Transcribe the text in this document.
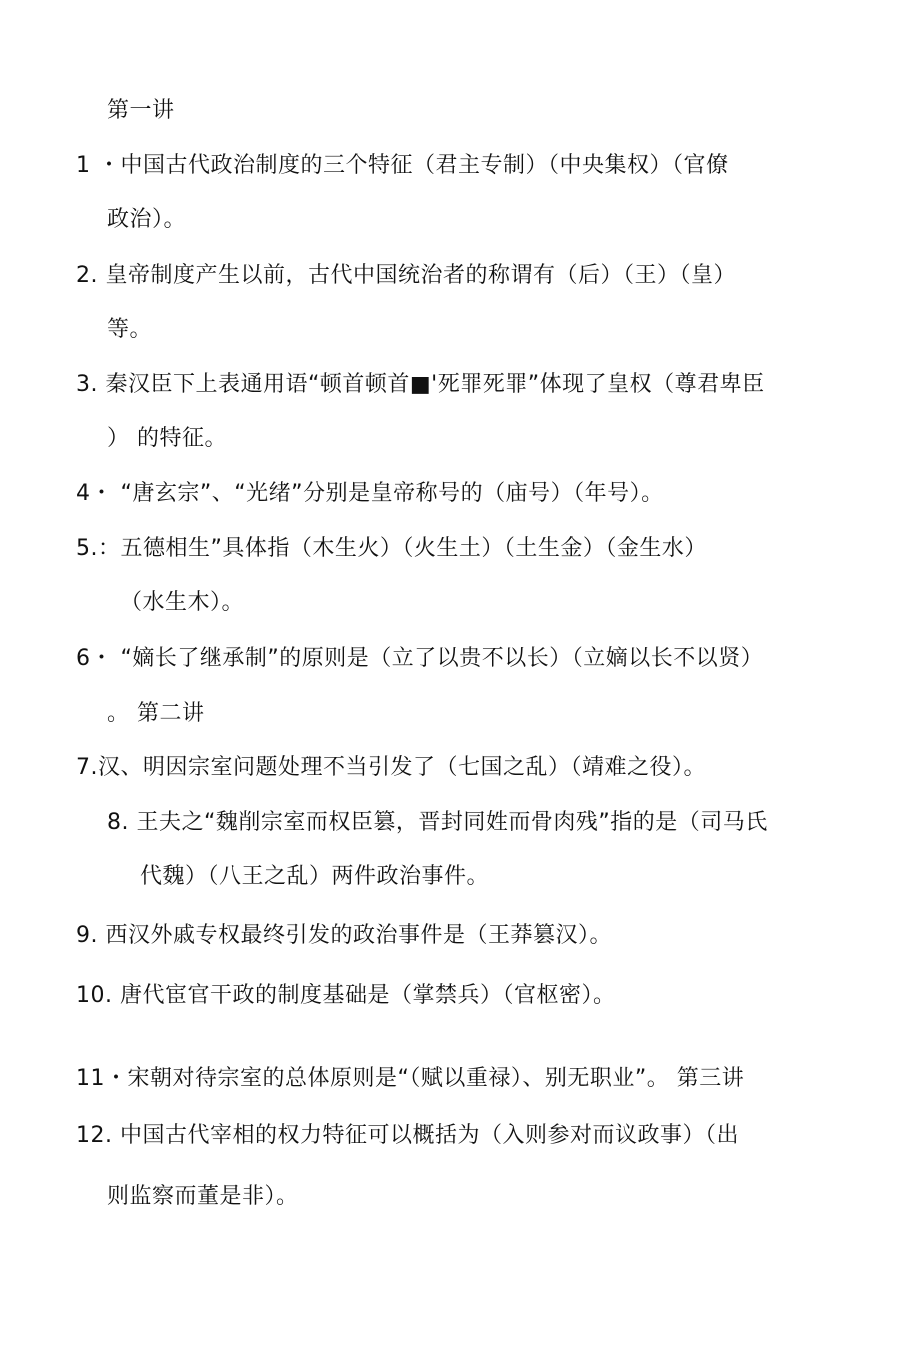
第一讲
1 ・中国古代政治制度的三个特征（君主专制）（中央集权）（官僚
政治）。
2. 皇帝制度产生以前，古代中国统治者的称谓有（后）（王）（皇）
等。
3. 秦汉臣下上表通用语“顿首顿首■'死罪死罪”体现了皇权（尊君卑臣
） 的特征。
4・ “唐玄宗”、“光绪”分别是皇帝称号的（庙号）（年号）。
5.：五德相生”具体指（木生火）（火生土）（土生金）（金生水）
（水生木）。
6・ “嫡长了继承制”的原则是（立了以贵不以长）（立嫡以长不以贤）
。 第二讲
7.汉、明因宗室问题处理不当引发了（七国之乱）（靖难之役）。
8. 王夫之“魏削宗室而权臣篡，晋封同姓而骨肉残”指的是（司马氏
代魏）（八王之乱）两件政治事件。
9. 西汉外戚专权最终引发的政治事件是（王莽篡汉）。
10. 唐代宦官干政的制度基础是（掌禁兵）（官枢密）。
11・宋朝对待宗室的总体原则是“（赋以重禄）、别无职业”。 第三讲
12. 中国古代宰相的权力特征可以概括为（入则参对而议政事）（出
则监察而董是非）。
